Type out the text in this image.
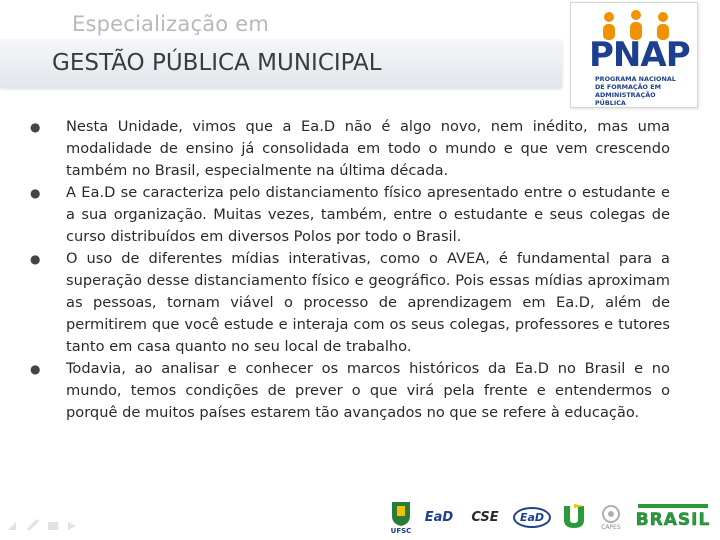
Especialização em
GESTÃO PÚBLICA MUNICIPAL	PNAP
PROGRAMA NACIONAL DE FORMAÇÃO EM ADMINISTRAÇÃO PÚBLICA
●	Nesta Unidade, vimos que a Ea.D não é algo novo, nem inédito, mas uma modalidade de ensino já consolidada em todo o mundo e que vem crescendo também no Brasil, especialmente na última década.
●	A Ea.D se caracteriza pelo distanciamento físico apresentado entre o estudante e a sua organização. Muitas vezes, também, entre o estudante e seus colegas de curso distribuídos em diversos Polos por todo o Brasil.
●	O uso de diferentes mídias interativas, como o AVEA, é fundamental para a superação desse distanciamento físico e geográfico. Pois essas mídias aproximam as pessoas, tornam viável o processo de aprendizagem em Ea.D, além de permitirem que você estude e interaja com os seus colegas, professores e tutores tanto em casa quanto no seu local de trabalho.
●	Todavia, ao analisar e conhecer os marcos históricos da Ea.D no Brasil e no mundo, temos condições de prever o que virá pela frente e entendermos o porquê de muitos países estarem tão avançados no que se refere à educação.
UFSC
EaD CSE	EaD
CAPES BRASIL
